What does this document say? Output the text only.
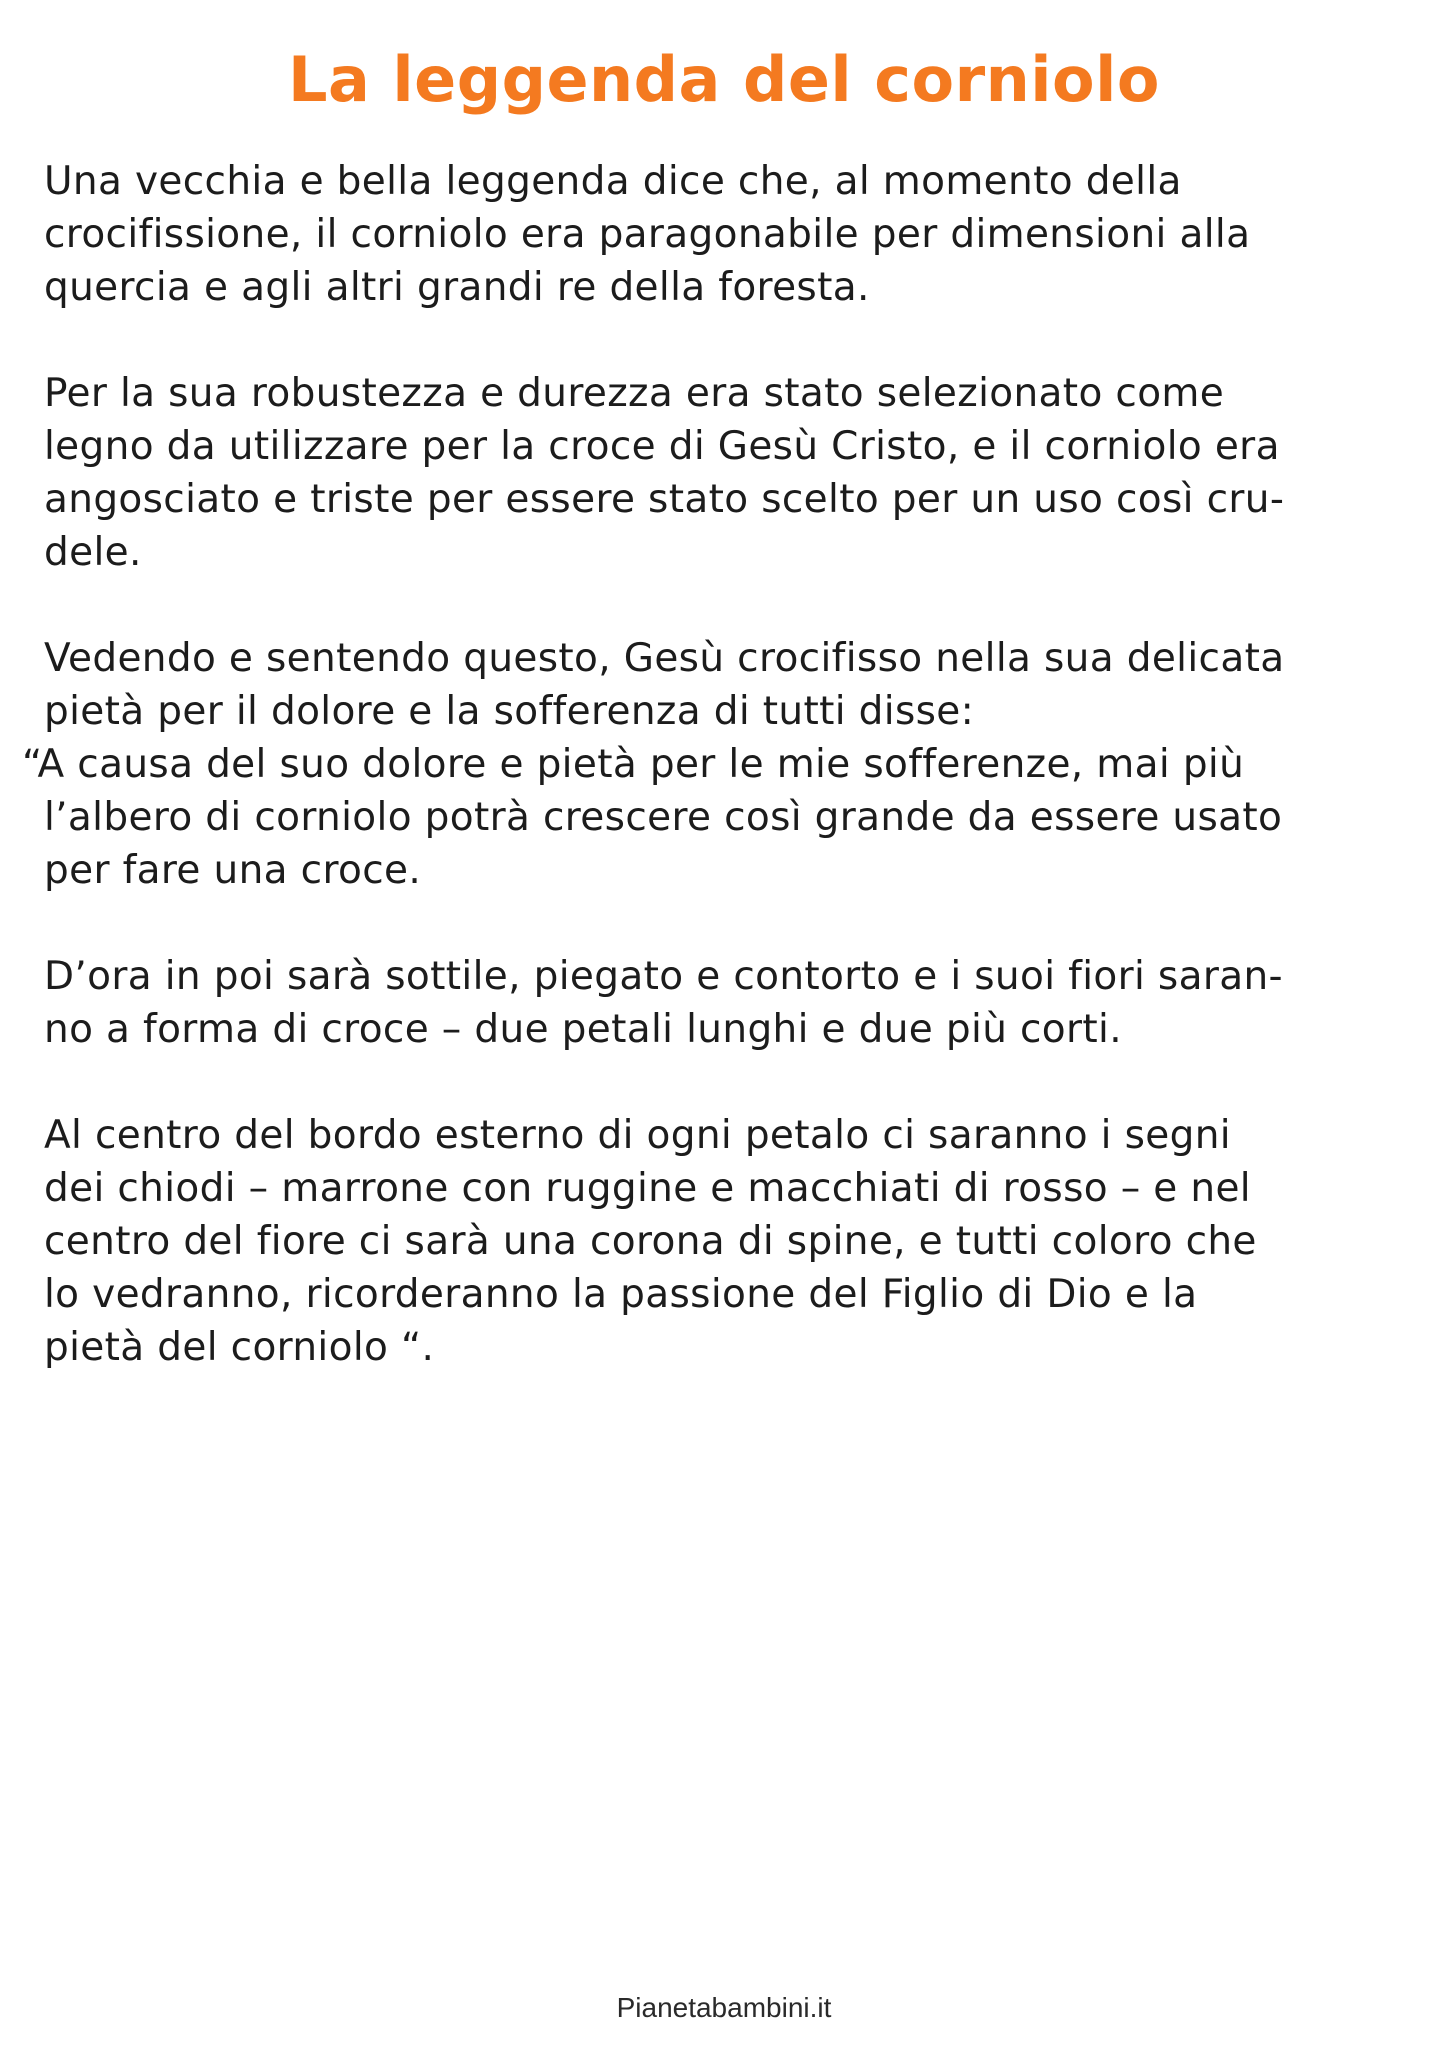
La leggenda del corniolo
Una vecchia e bella leggenda dice che, al momento della
crocifissione, il corniolo era paragonabile per dimensioni alla
quercia e agli altri grandi re della foresta.
Per la sua robustezza e durezza era stato selezionato come
legno da utilizzare per la croce di Gesù Cristo, e il corniolo era
angosciato e triste per essere stato scelto per un uso così cru-
dele.
Vedendo e sentendo questo, Gesù crocifisso nella sua delicata
pietà per il dolore e la sofferenza di tutti disse:
“A causa del suo dolore e pietà per le mie sofferenze, mai più
l’albero di corniolo potrà crescere così grande da essere usato
per fare una croce.
D’ora in poi sarà sottile, piegato e contorto e i suoi fiori saran-
no a forma di croce – due petali lunghi e due più corti.
Al centro del bordo esterno di ogni petalo ci saranno i segni
dei chiodi – marrone con ruggine e macchiati di rosso – e nel
centro del fiore ci sarà una corona di spine, e tutti coloro che
lo vedranno, ricorderanno la passione del Figlio di Dio e la
pietà del corniolo “.
Pianetabambini.it
